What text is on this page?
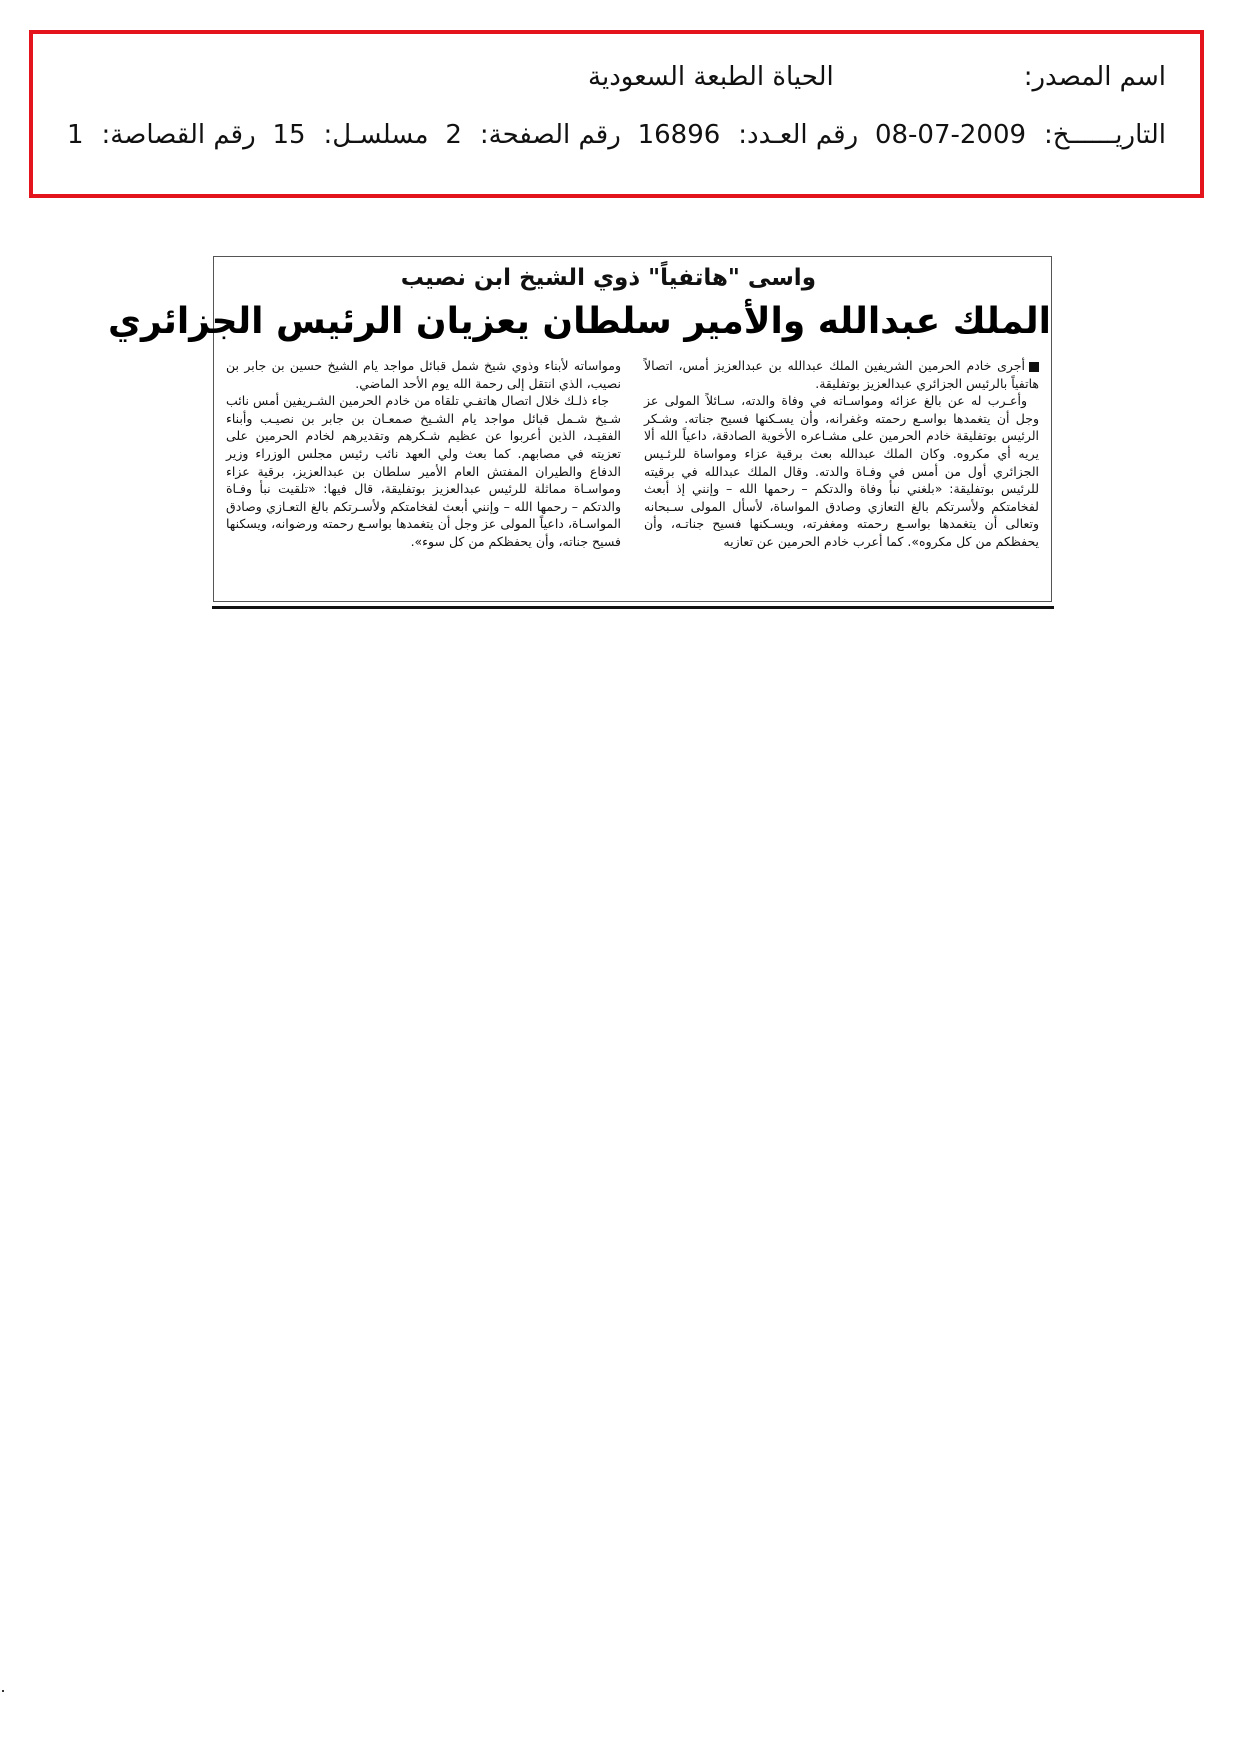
اسم المصدر:
الحياة الطبعة السعودية
التاريــــــخ:
08-07-2009
رقم العـدد:
16896
رقم الصفحة:
2
مسلسـل:
15
رقم القصاصة:
1
واسى "هاتفياً" ذوي الشيخ ابن نصيب
الملك عبدالله والأمير سلطان يعزيان الرئيس الجزائري

أجرى خادم الحرمين الشريفين الملك عبدالله بن عبدالعزيز أمس، اتصالاً هاتفياً بالرئيس الجزائري عبدالعزيز بوتفليقة.

وأعـرب له عن بالغ عزائه ومواسـاته في وفاة والدته، سـائلاً المولى عز وجل أن يتغمدها بواسـع رحمته وغفرانه، وأن يسـكنها فسيح جناته. وشـكر الرئيس بوتفليقة خادم الحرمين على مشـاعره الأخوية الصادقة، داعياً الله ألا يريه أي مكروه. وكان الملك عبدالله بعث برقية عزاء ومواساة للرئـيس الجزائري أول من أمس في وفـاة والدته. وقال الملك عبدالله في برقيته للرئيس بوتفليقة: «بلغني نبأ وفاة والدتكم – رحمها الله – وإنني إذ أبعث لفخامتكم ولأسرتكم بالغ التعازي وصادق المواساة، لأسأل المولى سـبحانه وتعالى أن يتغمدها بواسـع رحمته ومغفرته، ويسـكنها فسيح جناتـه، وأن يحفظكم من كل مكروه». كما أعرب خادم الحرمين عن تعازيه

ومواساته لأبناء وذوي شيخ شمل قبائل مواجد يام الشيخ حسين بن جابر بن نصيب، الذي انتقل إلى رحمة الله يوم الأحد الماضي.

جاء ذلـك خلال اتصال هاتفـي تلقاه من خادم الحرمين الشـريفين أمس نائب شـيخ شـمل قبائل مواجد يام الشـيخ صمعـان بن جابر بن نصيـب وأبناء الفقيـد، الذين أعربوا عن عظيم شـكرهم وتقديرهم لخادم الحرمين على تعزيته في مصابهم. كما بعث ولي العهد نائب رئيس مجلس الوزراء وزير الدفاع والطيران المفتش العام الأمير سلطان بن عبدالعزيز، برقية عزاء ومواسـاة مماثلة للرئيس عبدالعزيز بوتفليقة، قال فيها: «تلقيت نبأ وفـاة والدتكم – رحمها الله – وإنني أبعث لفخامتكم ولأسـرتكم بالغ التعـازي وصادق المواسـاة، داعياً المولى عز وجل أن يتغمدها بواسـع رحمته ورضوانه، ويسكنها فسيح جناته، وأن يحفظكم من كل سوء».
